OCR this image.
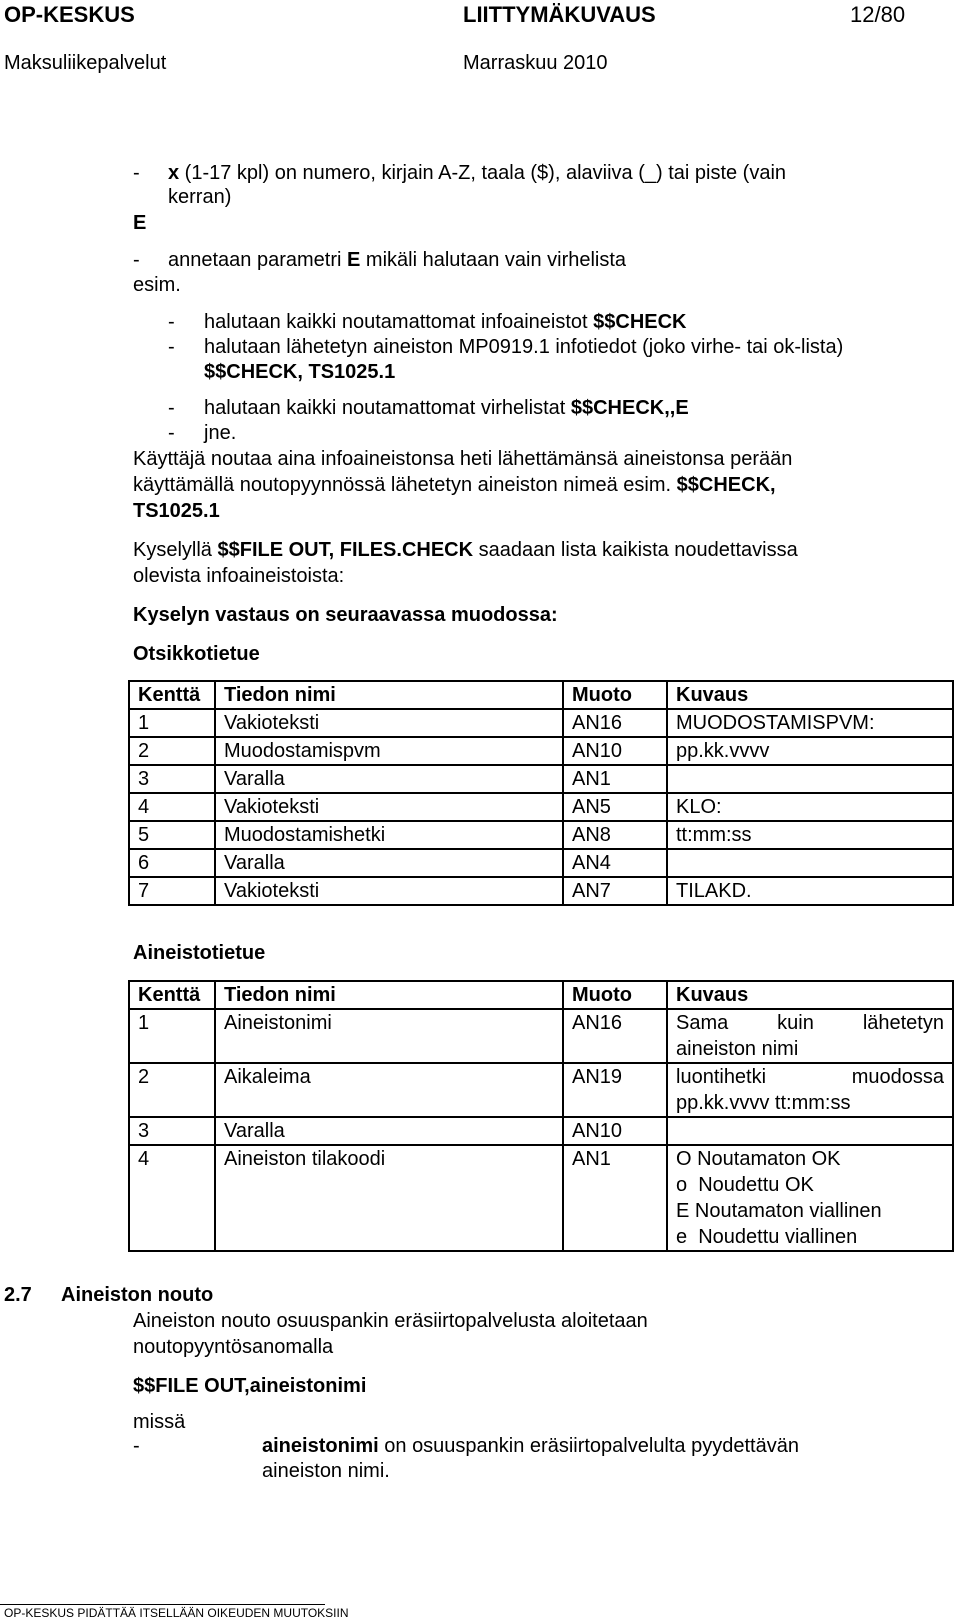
OP-KESKUS	LIITTYMÄKUVAUS	12/80
Maksuliikepalvelut	Marraskuu 2010
- x (1-17 kpl) on numero, kirjain A-Z, taala ($), alaviiva (_) tai piste (vain
kerran)
E
- annetaan parametri E mikäli halutaan vain virhelista
esim.
- halutaan kaikki noutamattomat infoaineistot $$CHECK
- halutaan lähetetyn aineiston MP0919.1 infotiedot (joko virhe- tai ok-lista)
$$CHECK, TS1025.1
- halutaan kaikki noutamattomat virhelistat $$CHECK,,E
- jne.
Käyttäjä noutaa aina infoaineistonsa heti lähettämänsä aineistonsa perään
käyttämällä noutopyynnössä lähetetyn aineiston nimeä esim. $$CHECK,
TS1025.1
Kyselyllä $$FILE OUT, FILES.CHECK saadaan lista kaikista noudettavissa
olevista infoaineistoista:
Kyselyn vastaus on seuraavassa muodossa:
Otsikkotietue
Kenttä	Tiedon nimi	Muoto	Kuvaus
1	Vakioteksti	AN16	MUODOSTAMISPVM:
2	Muodostamispvm	AN10	pp.kk.vvvv
3	Varalla	AN1	
4	Vakioteksti	AN5	KLO:
5	Muodostamishetki	AN8	tt:mm:ss
6	Varalla	AN4	
7	Vakioteksti	AN7	TILAKD.
Aineistotietue
Kenttä	Tiedon nimi	Muoto	Kuvaus
1	Aineistonimi	AN16	Sama kuin lähetetyn
aineiston nimi

2	Aikaleima	AN19	luontihetki muodossa
pp.kk.vvvv tt:mm:ss

3	Varalla	AN10	
4	Aineiston tilakoodi	AN1	O Noutamaton OK
o  Noudettu OK
E Noutamaton viallinen
e  Noudettu viallinen
2.7 Aineiston nouto
Aineiston nouto osuuspankin eräsiirtopalvelusta aloitetaan
noutopyyntösanomalla
$$FILE OUT,aineistonimi
missä
-	aineistonimi on osuuspankin eräsiirtopalvelulta pyydettävän
aineiston nimi.
OP-KESKUS PIDÄTTÄÄ ITSELLÄÄN OIKEUDEN MUUTOKSIIN
